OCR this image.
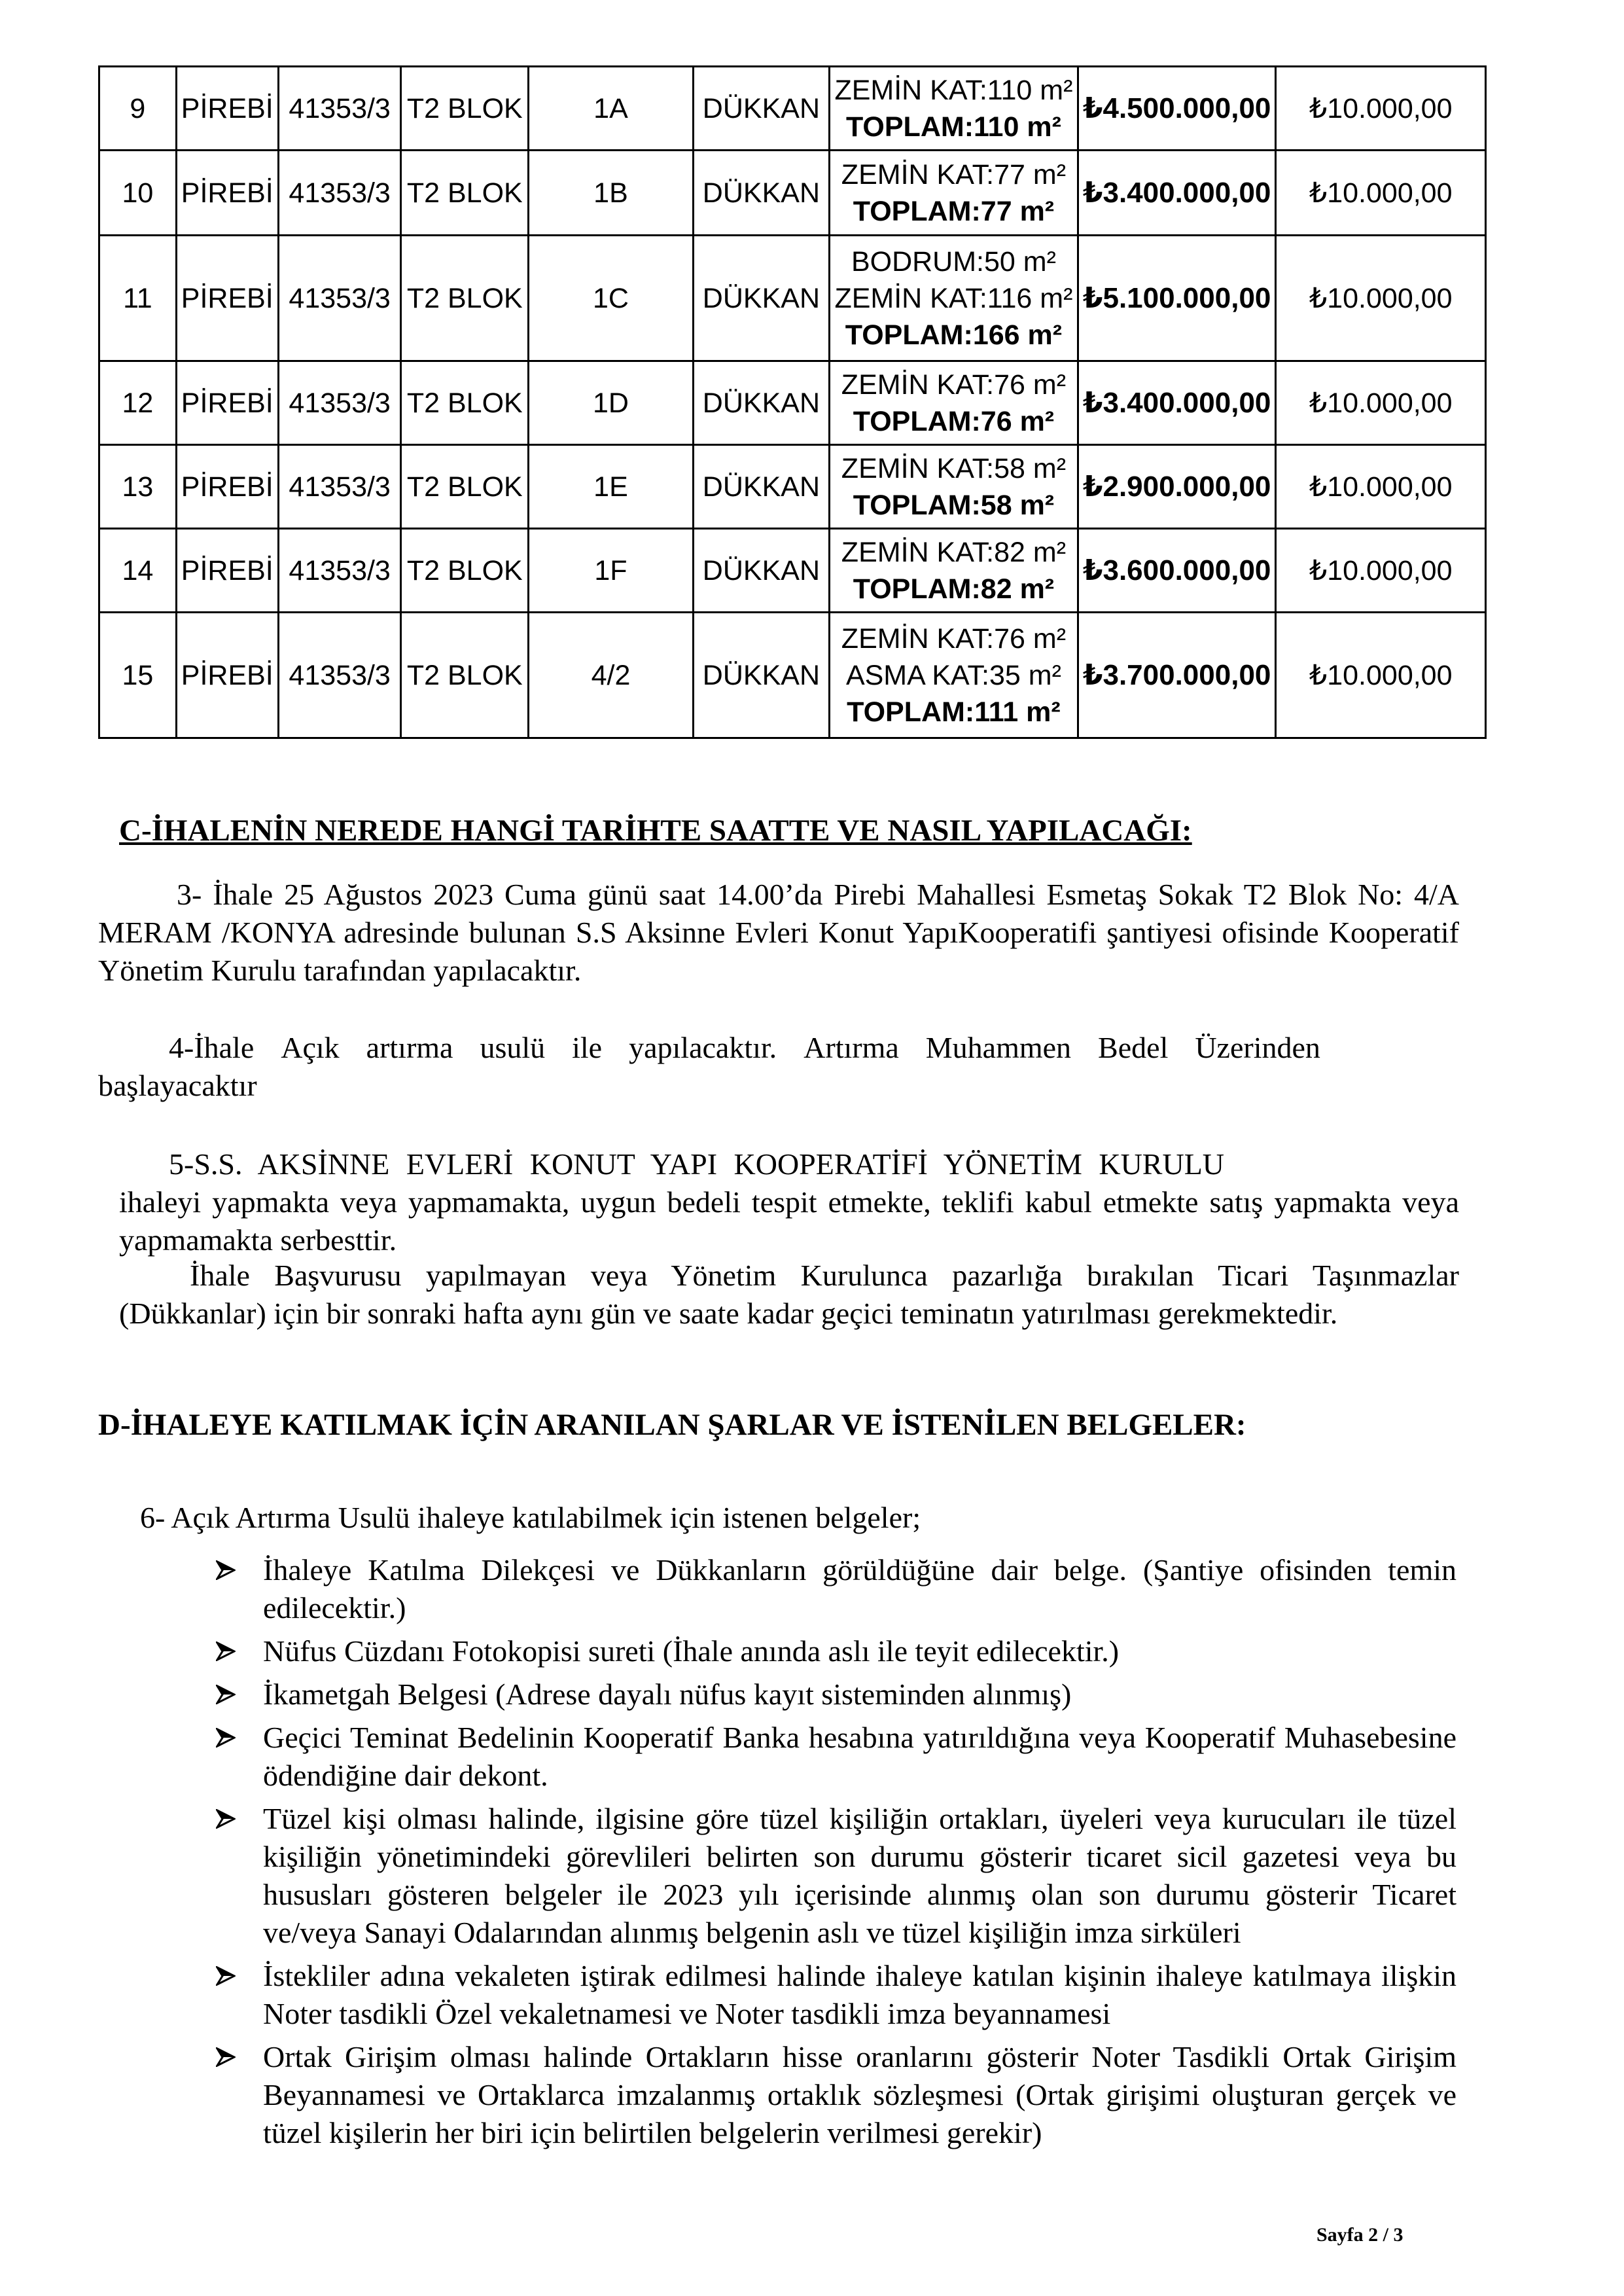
9	PİREBİ	41353/3	T2 BLOK	1A	DÜKKAN	ZEMİN KAT:110 m²
TOPLAM:110 m²	₺4.500.000,00	₺10.000,00
10	PİREBİ	41353/3	T2 BLOK	1B	DÜKKAN	ZEMİN KAT:77 m²
TOPLAM:77 m²	₺3.400.000,00	₺10.000,00
11	PİREBİ	41353/3	T2 BLOK	1C	DÜKKAN	BODRUM:50 m²
ZEMİN KAT:116 m²
TOPLAM:166 m²	₺5.100.000,00	₺10.000,00
12	PİREBİ	41353/3	T2 BLOK	1D	DÜKKAN	ZEMİN KAT:76 m²
TOPLAM:76 m²	₺3.400.000,00	₺10.000,00
13	PİREBİ	41353/3	T2 BLOK	1E	DÜKKAN	ZEMİN KAT:58 m²
TOPLAM:58 m²	₺2.900.000,00	₺10.000,00
14	PİREBİ	41353/3	T2 BLOK	1F	DÜKKAN	ZEMİN KAT:82 m²
TOPLAM:82 m²	₺3.600.000,00	₺10.000,00
15	PİREBİ	41353/3	T2 BLOK	4/2	DÜKKAN	ZEMİN KAT:76 m²
ASMA KAT:35 m²
TOPLAM:111 m²	₺3.700.000,00	₺10.000,00

C-İHALENİN NEREDE HANGİ TARİHTE SAATTE VE NASIL YAPILACAĞI:

3- İhale 25 Ağustos 2023 Cuma günü saat 14.00’da Pirebi Mahallesi Esmetaş Sokak T2 Blok No: 4/A MERAM /KONYA adresinde bulunan S.S Aksinne Evleri Konut YapıKooperatifi şantiyesi ofisinde Kooperatif Yönetim Kurulu tarafından yapılacaktır.

4-İhale Açık artırma usulü ile yapılacaktır. Artırma Muhammen Bedel Üzerinden

başlayacaktır

5-S.S. AKSİNNE EVLERİ KONUT YAPI KOOPERATİFİ YÖNETİM KURULU

ihaleyi yapmakta veya yapmamakta, uygun bedeli tespit etmekte, teklifi kabul etmekte satış yapmakta veya yapmamakta serbesttir.

İhale Başvurusu yapılmayan veya Yönetim Kurulunca pazarlığa bırakılan Ticari Taşınmazlar (Dükkanlar) için bir sonraki hafta aynı gün ve saate kadar geçici teminatın yatırılması gerekmektedir.

D-İHALEYE KATILMAK İÇİN ARANILAN ŞARLAR VE İSTENİLEN BELGELER:

6- Açık Artırma Usulü ihaleye katılabilmek için istenen belgeler;

İhaleye Katılma Dilekçesi ve Dükkanların görüldüğüne dair belge. (Şantiye ofisinden temin edilecektir.)
Nüfus Cüzdanı Fotokopisi sureti (İhale anında aslı ile teyit edilecektir.)
İkametgah Belgesi (Adrese dayalı nüfus kayıt sisteminden alınmış)
Geçici Teminat Bedelinin Kooperatif Banka hesabına yatırıldığına veya Kooperatif Muhasebesine ödendiğine dair dekont.
Tüzel kişi olması halinde, ilgisine göre tüzel kişiliğin ortakları, üyeleri veya kurucuları ile tüzel kişiliğin yönetimindeki görevlileri belirten son durumu gösterir ticaret sicil gazetesi veya bu hususları gösteren belgeler ile 2023 yılı içerisinde alınmış olan son durumu gösterir Ticaret ve/veya Sanayi Odalarından alınmış belgenin aslı ve tüzel kişiliğin imza sirküleri
İstekliler adına vekaleten iştirak edilmesi halinde ihaleye katılan kişinin ihaleye katılmaya ilişkin Noter tasdikli Özel vekaletnamesi ve Noter tasdikli imza beyannamesi
Ortak Girişim olması halinde Ortakların hisse oranlarını gösterir Noter Tasdikli Ortak Girişim Beyannamesi ve Ortaklarca imzalanmış ortaklık sözleşmesi (Ortak girişimi oluşturan gerçek ve tüzel kişilerin her biri için belirtilen belgelerin verilmesi gerekir)
Sayfa 2 / 3
